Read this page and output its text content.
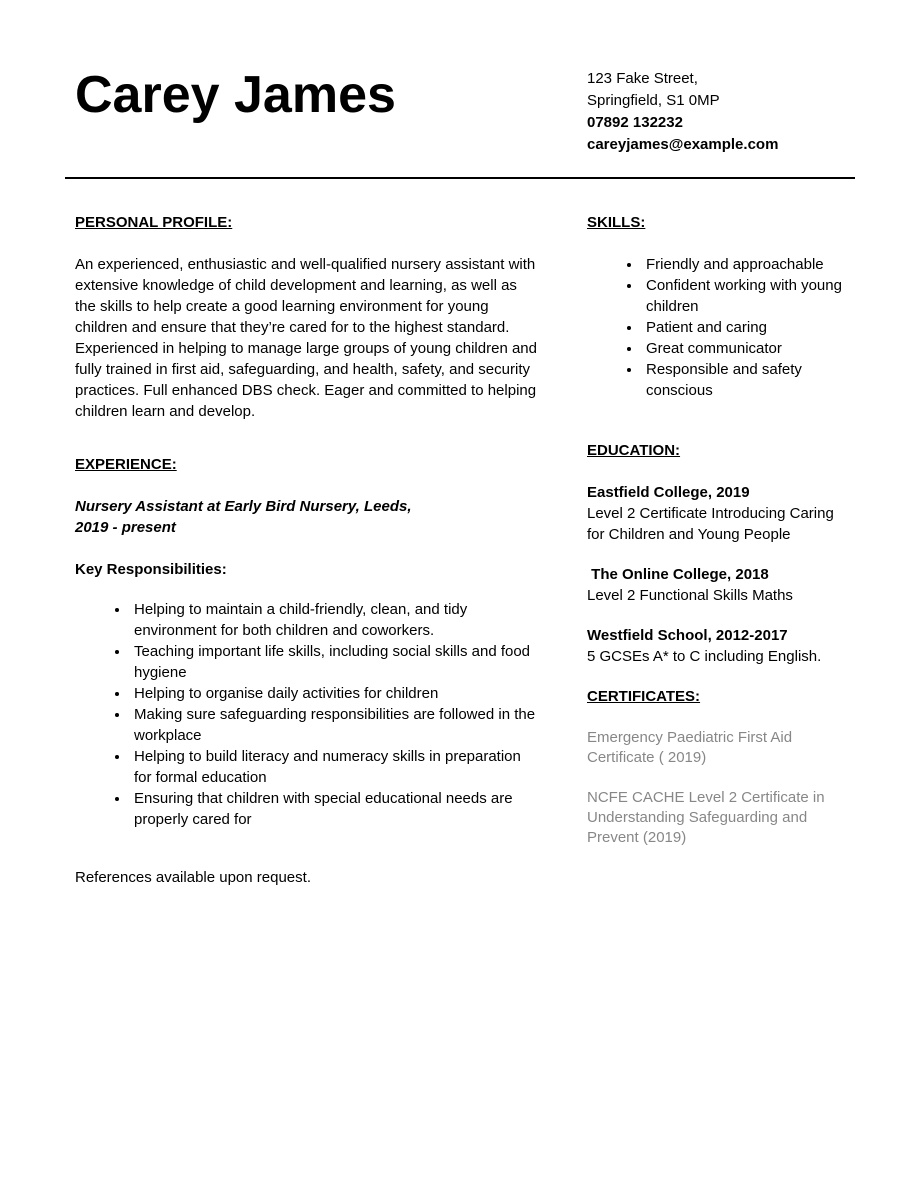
Carey James	123 Fake Street,
Springfield, S1 0MP
07892 132232
careyjames@example.com
PERSONAL PROFILE:

An experienced, enthusiastic and well-qualified nursery assistant with extensive knowledge of child development and learning, as well as the skills to help create a good learning environment for young children and ensure that they’re cared for to the highest standard. Experienced in helping to manage large groups of young children and fully trained in first aid, safeguarding, and health, safety, and security practices. Full enhanced DBS check. Eager and committed to helping children learn and develop.

EXPERIENCE:

Nursery Assistant at Early Bird Nursery, Leeds,
2019 - present

Key Responsibilities:

• Helping to maintain a child-friendly, clean, and tidy environment for both children and coworkers.
• Teaching important life skills, including social skills and food hygiene
• Helping to organise daily activities for children
• Making sure safeguarding responsibilities are followed in the workplace
• Helping to build literacy and numeracy skills in preparation for formal education
• Ensuring that children with special educational needs are properly cared for

References available upon request.

SKILLS:
• Friendly and approachable
• Confident working with young children
• Patient and caring
• Great communicator
• Responsible and safety conscious
EDUCATION:
Eastfield College, 2019
Level 2 Certificate Introducing Caring for Children and Young People
The Online College, 2018
Level 2 Functional Skills Maths
Westfield School, 2012-2017
5 GCSEs A* to C including English.
CERTIFICATES:

Emergency Paediatric First Aid Certificate ( 2019)

NCFE CACHE Level 2 Certificate in Understanding Safeguarding and Prevent (2019)
